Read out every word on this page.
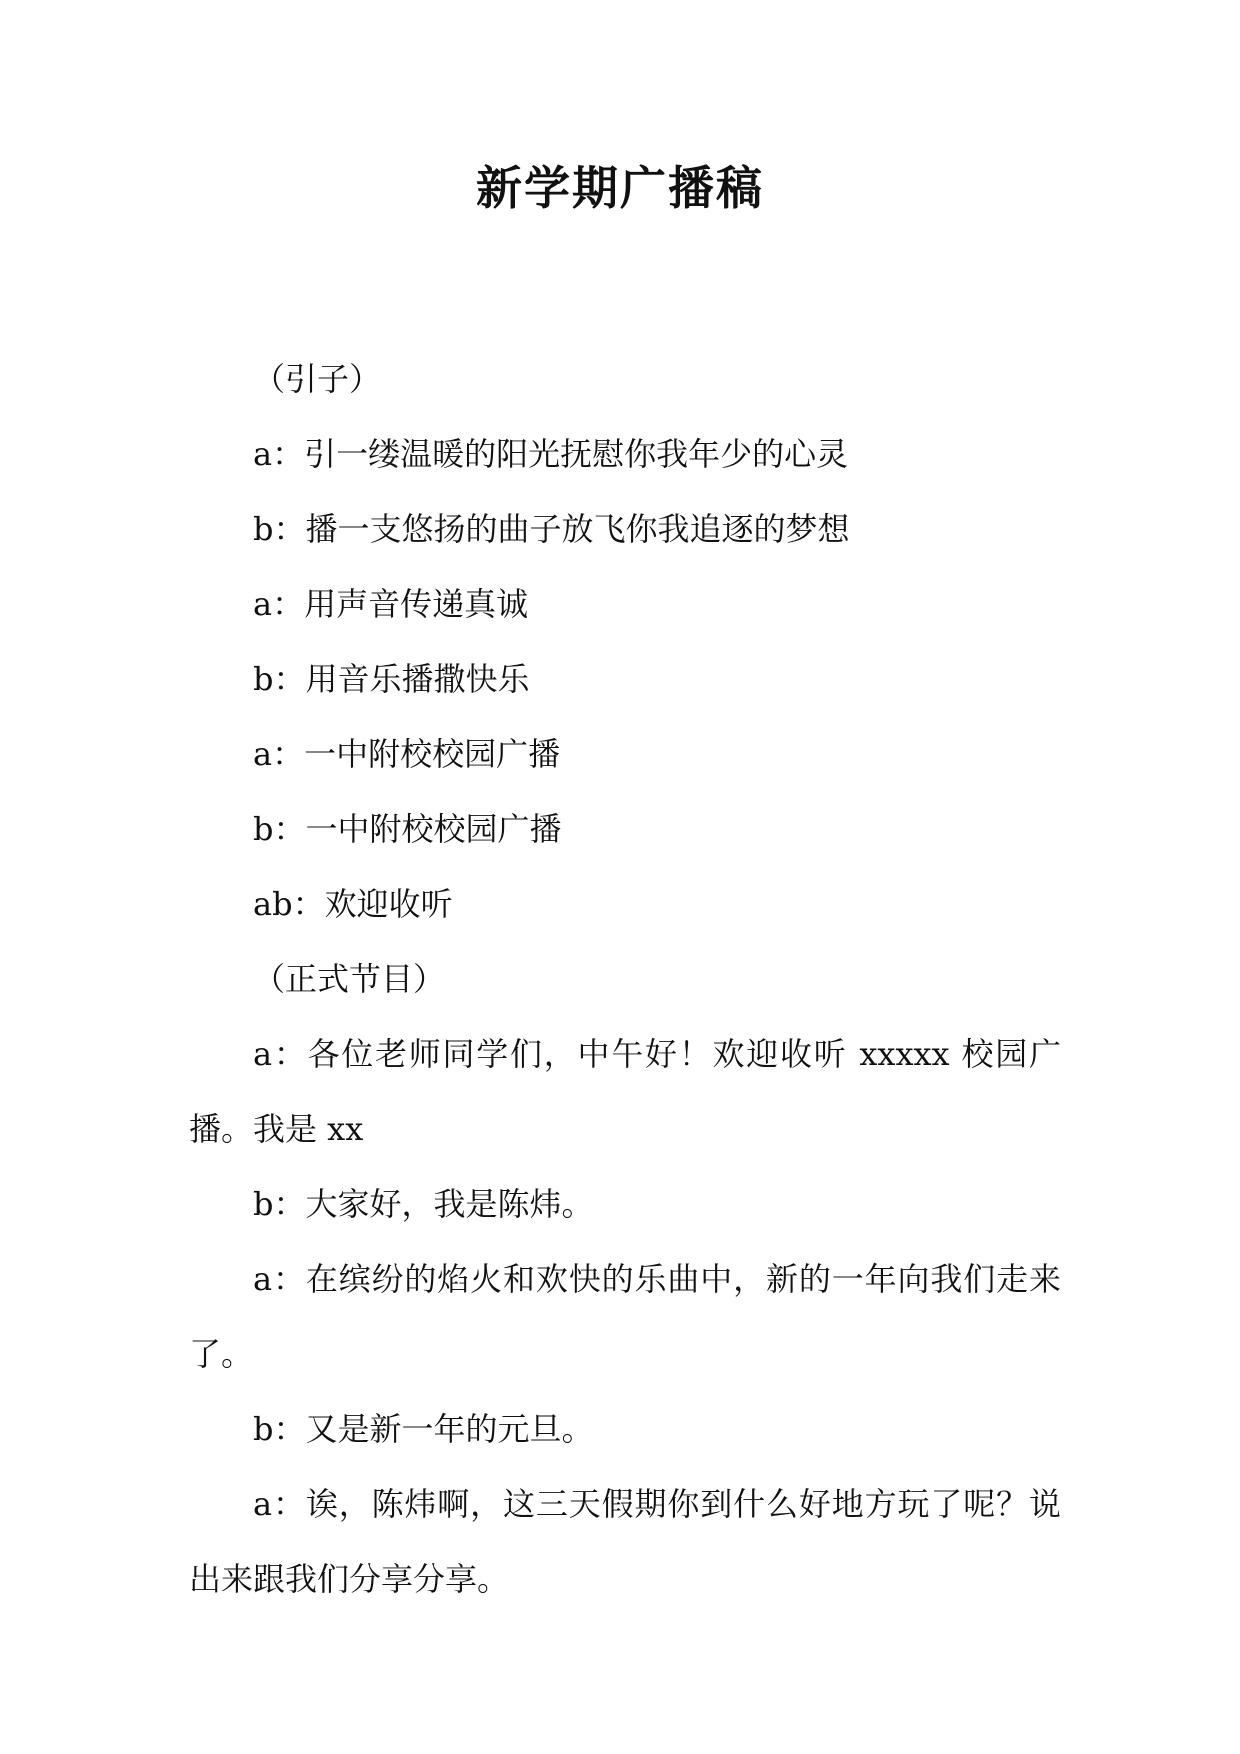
新学期广播稿

（引子）

a：引一缕温暖的阳光抚慰你我年少的心灵

b：播一支悠扬的曲子放飞你我追逐的梦想

a：用声音传递真诚

b：用音乐播撒快乐

a：一中附校校园广播

b：一中附校校园广播

ab：欢迎收听

（正式节目）

a：各位老师同学们，中午好！欢迎收听 xxxxx 校园广播。我是 xx

b：大家好，我是陈炜。

a：在缤纷的焰火和欢快的乐曲中，新的一年向我们走来了。

b：又是新一年的元旦。

a：诶，陈炜啊，这三天假期你到什么好地方玩了呢？说出来跟我们分享分享。
